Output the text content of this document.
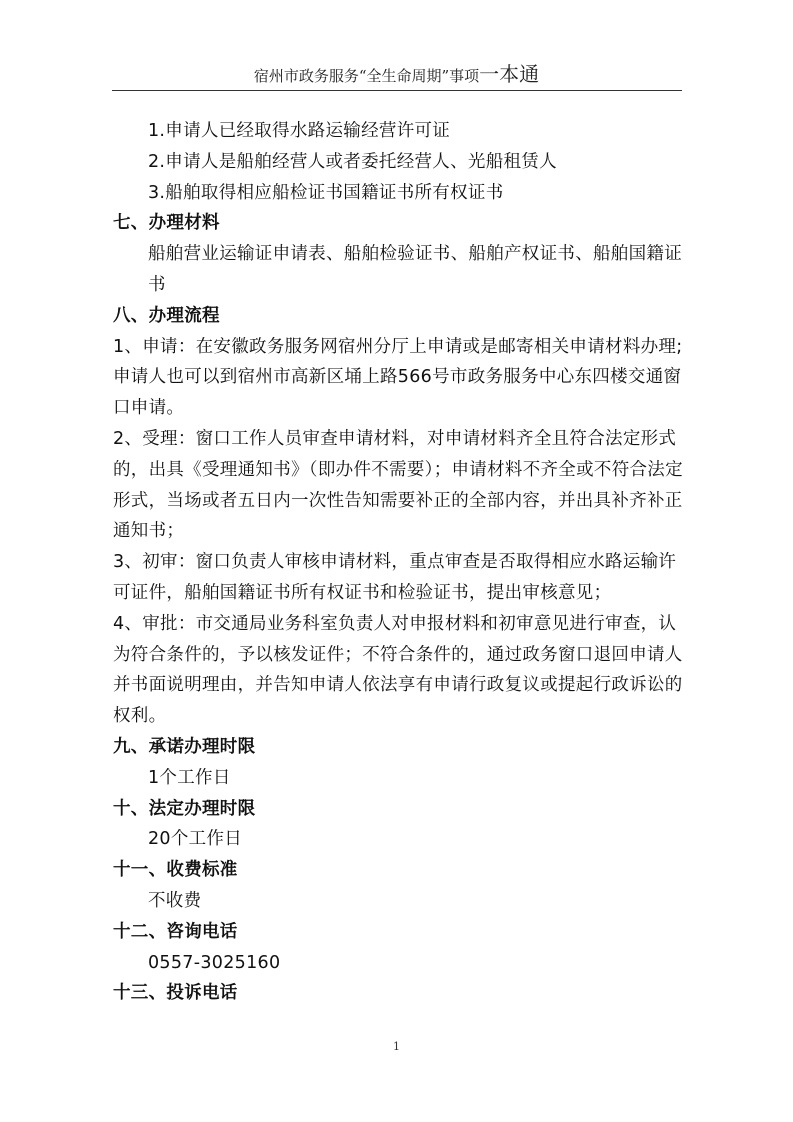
宿州市政务服务“全生命周期”事项一本通

1.申请人已经取得水路运输经营许可证

2.申请人是船舶经营人或者委托经营人、光船租赁人

3.船舶取得相应船检证书国籍证书所有权证书

七、办理材料

船舶营业运输证申请表、船舶检验证书、船舶产权证书、船舶国籍证书

八、办理流程

1、申请：在安徽政务服务网宿州分厅上申请或是邮寄相关申请材料办理;申请人也可以到宿州市高新区埇上路566号市政务服务中心东四楼交通窗口申请。

2、受理：窗口工作人员审查申请材料，对申请材料齐全且符合法定形式的，出具《受理通知书》（即办件不需要）；申请材料不齐全或不符合法定形式，当场或者五日内一次性告知需要补正的全部内容，并出具补齐补正通知书；

3、初审：窗口负责人审核申请材料，重点审查是否取得相应水路运输许可证件，船舶国籍证书所有权证书和检验证书，提出审核意见；

4、审批：市交通局业务科室负责人对申报材料和初审意见进行审查，认为符合条件的，予以核发证件；不符合条件的，通过政务窗口退回申请人并书面说明理由，并告知申请人依法享有申请行政复议或提起行政诉讼的权利。

九、承诺办理时限

1个工作日

十、法定办理时限

20个工作日

十一、收费标准

不收费

十二、咨询电话

0557-3025160

十三、投诉电话

1
